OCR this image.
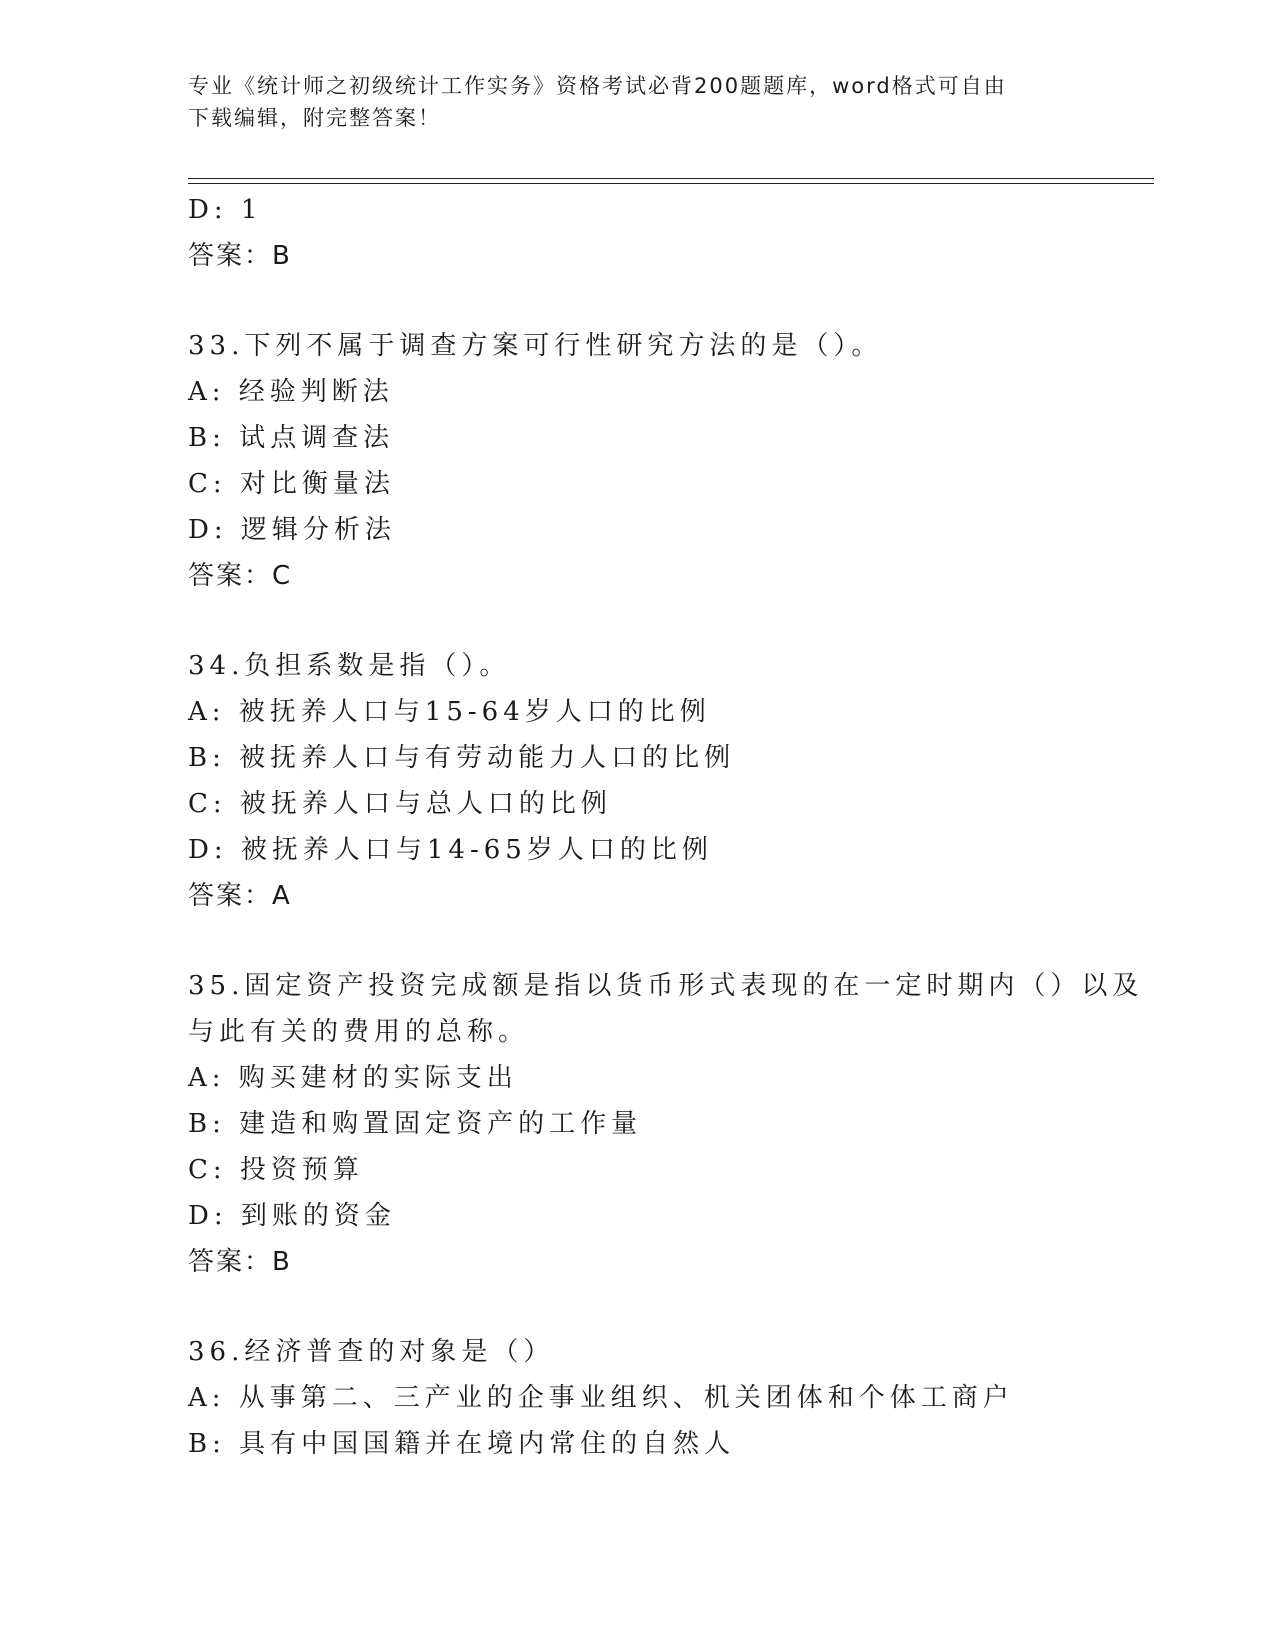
专业《统计师之初级统计工作实务》资格考试必背200题题库，word格式可自由
下载编辑，附完整答案！
D: 1
答案：B
33.下列不属于调查方案可行性研究方法的是（）。
A: 经验判断法
B: 试点调查法
C: 对比衡量法
D: 逻辑分析法
答案：C
34.负担系数是指（）。
A: 被抚养人口与15-64岁人口的比例
B: 被抚养人口与有劳动能力人口的比例
C: 被抚养人口与总人口的比例
D: 被抚养人口与14-65岁人口的比例
答案：A
35.固定资产投资完成额是指以货币形式表现的在一定时期内（）以及
与此有关的费用的总称。
A: 购买建材的实际支出
B: 建造和购置固定资产的工作量
C: 投资预算
D: 到账的资金
答案：B
36.经济普查的对象是（）
A: 从事第二、三产业的企事业组织、机关团体和个体工商户
B: 具有中国国籍并在境内常住的自然人
